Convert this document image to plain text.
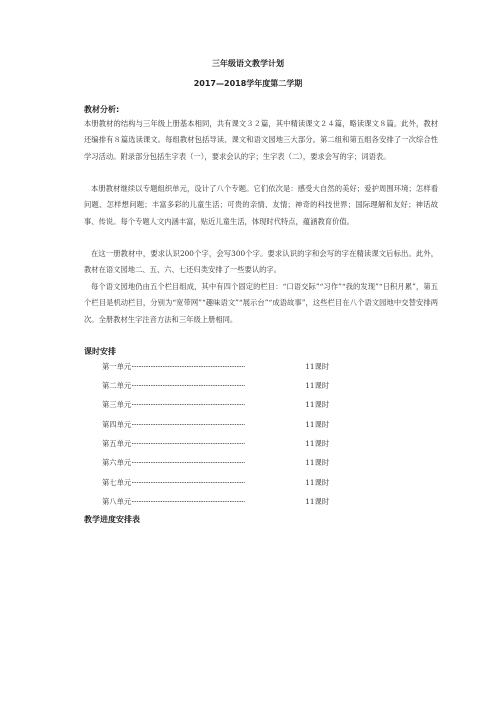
三年级语文教学计划
2017—2018学年度第二学期
教材分析:

本册教材的结构与三年级上册基本相同，共有课文３２篇，其中精读课文２４篇，略读课文８篇。此外，教材还编排有８篇选读课文。每组教材包括导读、课文和语文园地三大部分。第二组和第五组各安排了一次综合性学习活动。附录部分包括生字表（一），要求会认的字；生字表（二），要求会写的字；词语表。

本册教材继续以专题组织单元，设计了八个专题。它们依次是：感受大自然的美好；爱护周围环境；怎样看问题、怎样想问题；丰富多彩的儿童生活；可贵的亲情、友情；神奇的科技世界；国际理解和友好；神话故事、传说。每个专题人文内涵丰富，贴近儿童生活，体现时代特点，蕴涵教育价值。

在这一册教材中，要求认识200个字，会写300个字。要求认识的字和会写的字在精读课文后标出。此外，教材在语文园地二、五、六、七还归类安排了一些要认的字。

每个语文园地仍由五个栏目组成，其中有四个固定的栏目：“口语交际”“习作”“我的发现”“日积月累”，第五个栏目是机动栏目，分别为“宽带网”“趣味语文”“展示台”“成语故事”，这些栏目在八个语文园地中交替安排两次。全册教材生字注音方法和三年级上册相同。

课时安排
第一单元 ··································································	11课时
第二单元 ··································································	11课时
第三单元 ··································································	11课时
第四单元 ··································································	11课时
第五单元 ··································································	11课时
第六单元 ··································································	11课时
第七单元 ··································································	11课时
第八单元 ··································································	11课时
教学进度安排表
